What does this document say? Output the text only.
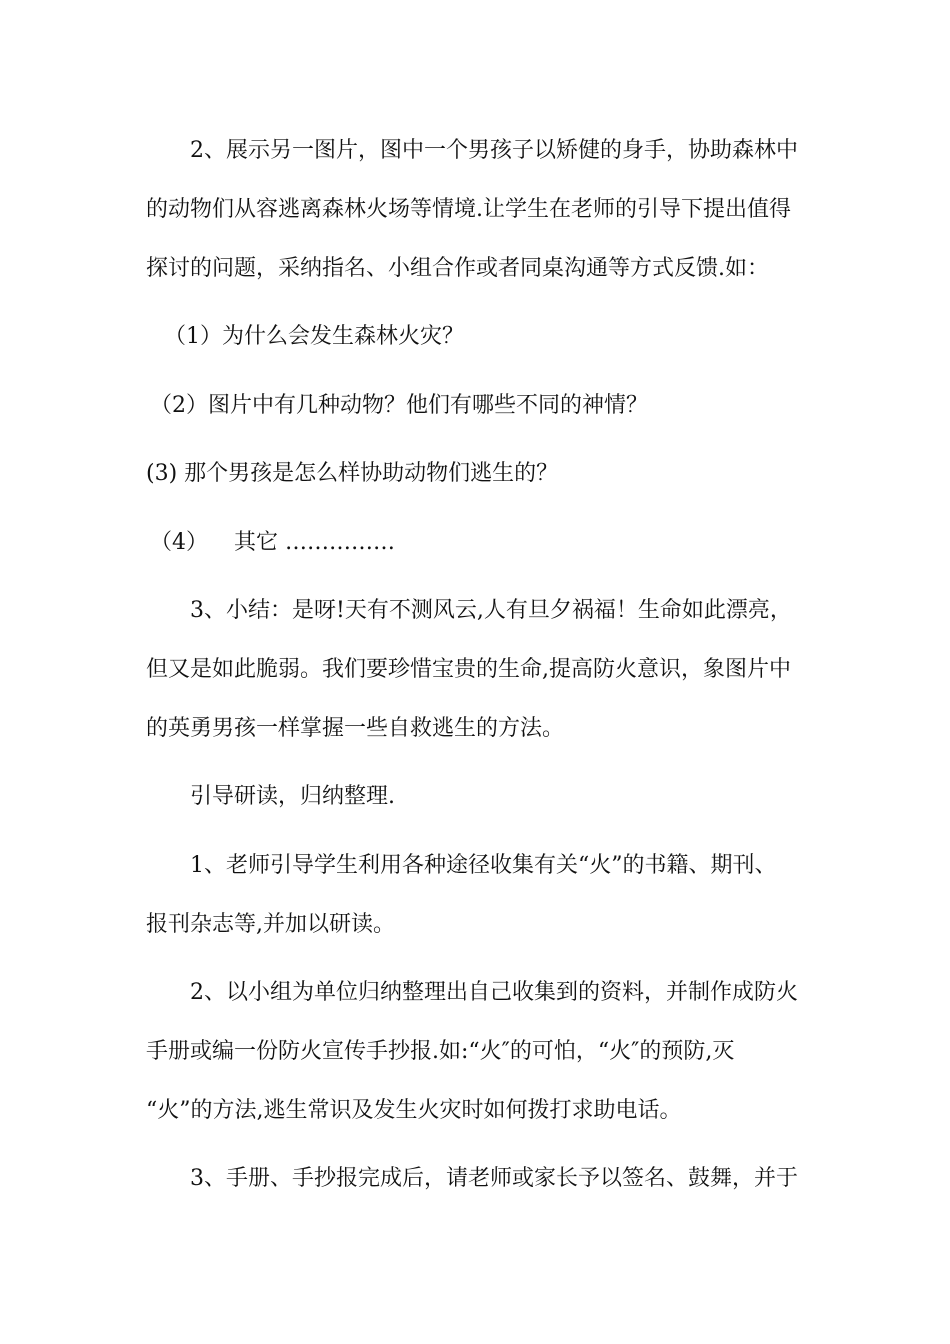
2、展示另一图片，图中一个男孩子以矫健的身手，协助森林中
的动物们从容逃离森林火场等情境.让学生在老师的引导下提出值得
探讨的问题，采纳指名、小组合作或者同桌沟通等方式反馈.如：
（1）为什么会发生森林火灾？
（2）图片中有几种动物？他们有哪些不同的神情？
(3) 那个男孩是怎么样协助动物们逃生的？
（4） 其它 ……………
3、小结：是呀!天有不测风云,人有旦夕祸福！生命如此漂亮，
但又是如此脆弱。我们要珍惜宝贵的生命,提高防火意识，象图片中
的英勇男孩一样掌握一些自救逃生的方法。
引导研读，归纳整理.
1、老师引导学生利用各种途径收集有关“火”的书籍、期刊、
报刊杂志等,并加以研读。
2、以小组为单位归纳整理出自己收集到的资料，并制作成防火
手册或编一份防火宣传手抄报.如:“火″的可怕，“火″的预防,灭
“火”的方法,逃生常识及发生火灾时如何拨打求助电话。
3、手册、手抄报完成后，请老师或家长予以签名、鼓舞，并于
